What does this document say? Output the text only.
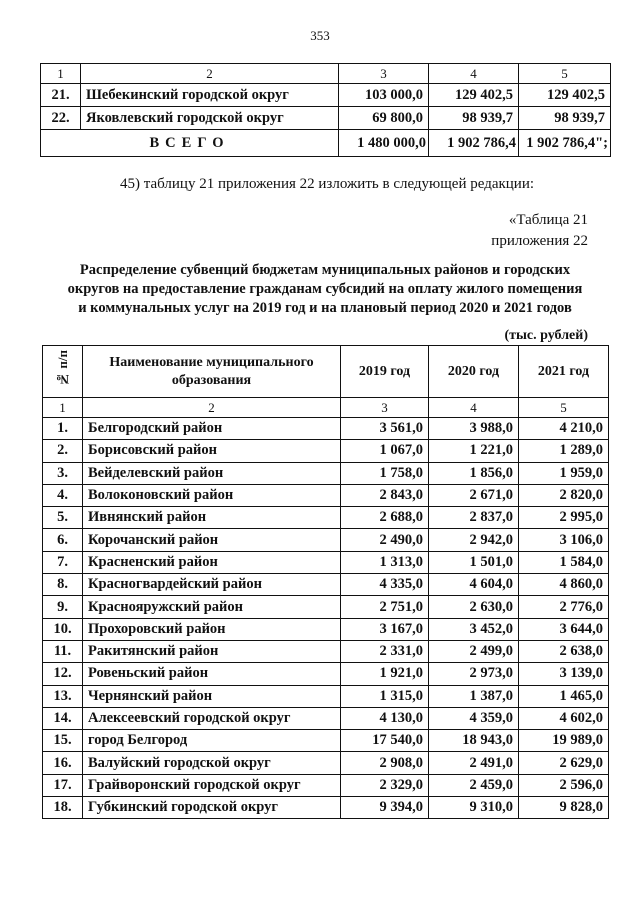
353
1	2	3	4	5
21.	Шебекинский городской округ	103 000,0	129 402,5	129 402,5
22.	Яковлевский городской округ	69 800,0	98 939,7	98 939,7
ВСЕГО		1 480 000,0	1 902 786,4	1 902 786,4";
45) таблицу 21 приложения 22 изложить в следующей редакции:
«Таблица 21
приложения 22
Распределение субвенций бюджетам муниципальных районов и городских
округов на предоставление гражданам субсидий на оплату жилого помещения
и коммунальных услуг на 2019 год и на плановый период 2020 и 2021 годов
(тыс. рублей)
№ п/п	Наименование муниципального
образования	2019 год	2020 год	2021 год
1	2	3	4	5
1.	Белгородский район	3 561,0	3 988,0	4 210,0
2.	Борисовский район	1 067,0	1 221,0	1 289,0
3.	Вейделевский район	1 758,0	1 856,0	1 959,0
4.	Волоконовский район	2 843,0	2 671,0	2 820,0
5.	Ивнянский район	2 688,0	2 837,0	2 995,0
6.	Корочанский район	2 490,0	2 942,0	3 106,0
7.	Красненский район	1 313,0	1 501,0	1 584,0
8.	Красногвардейский район	4 335,0	4 604,0	4 860,0
9.	Краснояружский район	2 751,0	2 630,0	2 776,0
10.	Прохоровский район	3 167,0	3 452,0	3 644,0
11.	Ракитянский район	2 331,0	2 499,0	2 638,0
12.	Ровеньский район	1 921,0	2 973,0	3 139,0
13.	Чернянский район	1 315,0	1 387,0	1 465,0
14.	Алексеевский городской округ	4 130,0	4 359,0	4 602,0
15.	город Белгород	17 540,0	18 943,0	19 989,0
16.	Валуйский городской округ	2 908,0	2 491,0	2 629,0
17.	Грайворонский городской округ	2 329,0	2 459,0	2 596,0
18.	Губкинский городской округ	9 394,0	9 310,0	9 828,0
